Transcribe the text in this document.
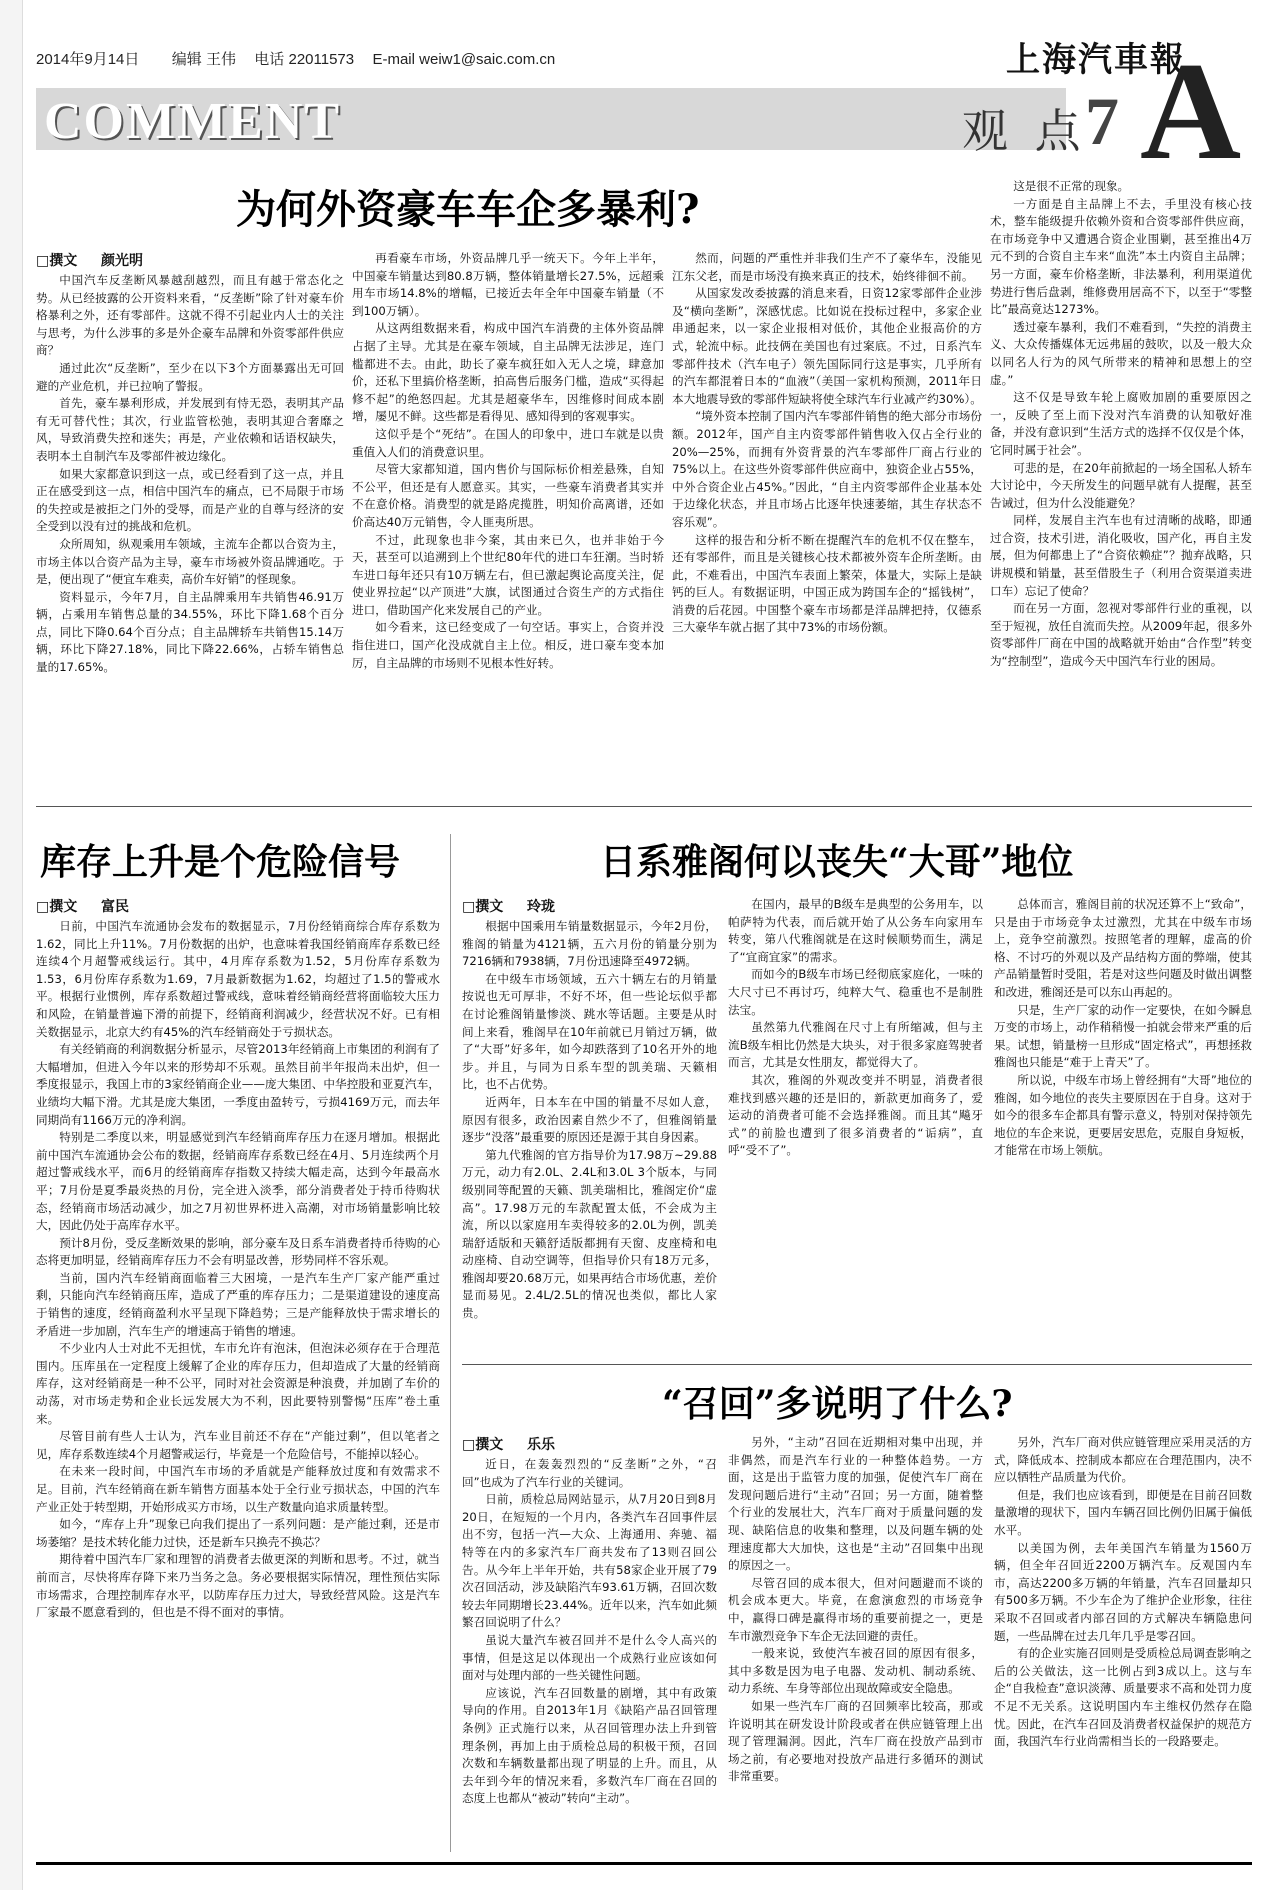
2014年9月14日 编辑 王伟 电话 22011573 E-mail weiw1@saic.com.cn	上海汽車報
COMMENT	观 点
7 A
为何外资豪车车企多暴利?
□撰文 颜光明

中国汽车反垄断风暴越刮越烈，而且有越于常态化之势。从已经披露的公开资料来看，“反垄断”除了针对豪车价格暴利之外，还有零部件。这就不得不引起业内人士的关注与思考，为什么涉事的多是外企豪车品牌和外资零部件供应商？

通过此次“反垄断”，至少在以下3个方面暴露出无可回避的产业危机，并已拉响了警报。

首先，豪车暴利形成，并发展到有恃无恐，表明其产品有无可替代性；其次，行业监管松弛，表明其迎合奢靡之风，导致消费失控和迷失；再是，产业依赖和话语权缺失，表明本土自制汽车及零部件被边缘化。

如果大家都意识到这一点，或已经看到了这一点，并且正在感受到这一点，相信中国汽车的痛点，已不局限于市场的失控或是被拒之门外的受辱，而是产业的自尊与经济的安全受到以没有过的挑战和危机。

众所周知，纵观乘用车领域，主流车企都以合资为主，市场主体以合资产品为主导，豪车市场被外资品牌通吃。于是，便出现了“便宜车难卖，高价车好销”的怪现象。

资料显示，今年7月，自主品牌乘用车共销售46.91万辆，占乘用车销售总量的34.55%，环比下降1.68个百分点，同比下降0.64个百分点；自主品牌轿车共销售15.14万辆，环比下降27.18%，同比下降22.66%，占轿车销售总量的17.65%。

再看豪车市场，外资品牌几乎一统天下。今年上半年，中国豪车销量达到80.8万辆，整体销量增长27.5%，远超乘用车市场14.8%的增幅，已接近去年全年中国豪车销量（不到100万辆）。

从这两组数据来看，构成中国汽车消费的主体外资品牌占据了主导。尤其是在豪车领域，自主品牌无法涉足，连门槛都进不去。由此，助长了豪车疯狂如入无人之境，肆意加价，还私下里搞价格垄断，拍高售后服务门槛，造成“买得起修不起”的绝怒四起。尤其是超豪华车，因维修时间成本剧增，屡见不鲜。这些都是看得见、感知得到的客观事实。

这似乎是个“死结”。在国人的印象中，进口车就是以贵重值入人们的消费意识里。

尽管大家都知道，国内售价与国际标价相差悬殊，自知不公平，但还是有人愿意买。其实，一些豪车消费者其实并不在意价格。消费型的就是路虎揽胜，明知价高离谱，还如价高达40万元销售，令人匪夷所思。

不过，此现象也非今案，其由来已久，也并非始于今天，甚至可以追溯到上个世纪80年代的进口车狂潮。当时轿车进口每年还只有10万辆左右，但已激起舆论高度关注，促使业界拉起“以产顶进”大旗，试图通过合资生产的方式指住进口，借助国产化来发展自己的产业。

如今看来，这已经变成了一句空话。事实上，合资并没指住进口，国产化没成就自主上位。相反，进口豪车变本加厉，自主品牌的市场则不见根本性好转。

然而，问题的严重性并非我们生产不了豪华车，没能见江东父老，而是市场没有换来真正的技术，始终徘徊不前。

从国家发改委披露的消息来看，日资12家零部件企业涉及“横向垄断”，深感忧虑。比如说在投标过程中，多家企业串通起来，以一家企业报相对低价，其他企业报高价的方式，轮流中标。此技俩在美国也有过案底。不过，日系汽车零部件技术（汽车电子）领先国际同行这是事实，几乎所有的汽车都混着日本的“血液”（美国一家机构预测，2011年日本大地震导致的零部件短缺将使全球汽车行业减产约30%）。

“境外资本控制了国内汽车零部件销售的绝大部分市场份额。2012年，国产自主内资零部件销售收入仅占全行业的20%—25%，而拥有外资背景的汽车零部件厂商占行业的75%以上。在这些外资零部件供应商中，独资企业占55%，中外合资企业占45%。”因此，“自主内资零部件企业基本处于边缘化状态，并且市场占比逐年快速萎缩，其生存状态不容乐观”。

这样的报告和分析不断在提醒汽车的危机不仅在整车，还有零部件，而且是关键核心技术都被外资车企所垄断。由此，不难看出，中国汽车表面上繁荣，体量大，实际上是缺钙的巨人。有数据证明，中国正成为跨国车企的“摇钱树”，消费的后花园。中国整个豪车市场都是洋品牌把持，仅德系三大豪华车就占据了其中73%的市场份额。

这是很不正常的现象。

一方面是自主品牌上不去，手里没有核心技术，整车能级提升依赖外资和合资零部件供应商，在市场竞争中又遭遇合资企业围剿，甚至推出4万元不到的合资自主车来“血洗”本土内资自主品牌；另一方面，豪车价格垄断，非法暴利，利用渠道优势进行售后盘剥，维修费用居高不下，以至于“零整比”最高竟达1273%。

透过豪车暴利，我们不难看到，“失控的消费主义、大众传播媒体无远弗届的鼓吹，以及一般大众以同名人行为的风气所带来的精神和思想上的空虚。”

这不仅是导致车轮上腐败加剧的重要原因之一，反映了至上而下没对汽车消费的认知敬好准备，并没有意识到“生活方式的选择不仅仅是个体，它同时属于社会”。

可悲的是，在20年前掀起的一场全国私人轿车大讨论中，今天所发生的问题早就有人提醒，甚至告诫过，但为什么没能避免？

同样，发展自主汽车也有过清晰的战略，即通过合资，技术引进，消化吸收，国产化，再自主发展，但为何都患上了“合资依赖症”？抛弃战略，只讲规模和销量，甚至借股生子（利用合资渠道卖进口车）忘记了使命？

而在另一方面，忽视对零部件行业的重视，以至于短视，放任自流而失控。从2009年起，很多外资零部件厂商在中国的战略就开始由“合作型”转变为“控制型”，造成今天中国汽车行业的困局。

库存上升是个危险信号
□撰文 富民

日前，中国汽车流通协会发布的数据显示，7月份经销商综合库存系数为1.62，同比上升11%。7月份数据的出炉，也意味着我国经销商库存系数已经连续4个月超警戒线运行。其中，4月库存系数为1.52，5月份库存系数为1.53，6月份库存系数为1.69，7月最新数据为1.62，均超过了1.5的警戒水平。根据行业惯例，库存系数超过警戒线，意味着经销商经营将面临较大压力和风险，在销量普遍下滑的前提下，经销商利润减少，经营状况不好。已有相关数据显示，北京大约有45%的汽车经销商处于亏损状态。

有关经销商的利润数据分析显示，尽管2013年经销商上市集团的利润有了大幅增加，但进入今年以来的形势却不乐观。虽然目前半年报尚未出炉，但一季度报显示，我国上市的3家经销商企业——庞大集团、中华控股和亚夏汽车，业绩均大幅下滑。尤其是庞大集团，一季度由盈转亏，亏损4169万元，而去年同期尚有1166万元的净利润。

特别是二季度以来，明显感觉到汽车经销商库存压力在逐月增加。根据此前中国汽车流通协会公布的数据，经销商库存系数已经在4月、5月连续两个月超过警戒线水平，而6月的经销商库存指数又持续大幅走高，达到今年最高水平；7月份是夏季最炎热的月份，完全进入淡季，部分消费者处于持币待购状态，经销商市场活动减少，加之7月初世界杯进入高潮，对市场销量影响比较大，因此仍处于高库存水平。

预计8月份，受反垄断效果的影响，部分豪车及日系车消费者持币待购的心态将更加明显，经销商库存压力不会有明显改善，形势同样不容乐观。

当前，国内汽车经销商面临着三大困境，一是汽车生产厂家产能严重过剩，只能向汽车经销商压库，造成了严重的库存压力；二是渠道建设的速度高于销售的速度，经销商盈利水平呈现下降趋势；三是产能释放快于需求增长的矛盾进一步加剧，汽车生产的增速高于销售的增速。

不少业内人士对此不无担忧，车市允许有泡沫，但泡沫必须存在于合理范围内。压库虽在一定程度上缓解了企业的库存压力，但却造成了大量的经销商库存，这对经销商是一种不公平，同时对社会资源是种浪费，并加剧了车价的动荡，对市场走势和企业长远发展大为不利，因此要特别警惕“压库”卷土重来。

尽管目前有些人士认为，汽车业目前还不存在“产能过剩”，但以笔者之见，库存系数连续4个月超警戒运行，毕竟是一个危险信号，不能掉以轻心。

在未来一段时间，中国汽车市场的矛盾就是产能释放过度和有效需求不足。目前，汽车经销商在新车销售方面基本处于全行业亏损状态，中国的汽车产业正处于转型期，开始形成买方市场，以生产数量向追求质量转型。

如今，“库存上升”现象已向我们提出了一系列问题：是产能过剩，还是市场萎缩？是技术转化能力过快，还是新车只换壳不换芯？

期待着中国汽车厂家和理智的消费者去做更深的判断和思考。不过，就当前而言，尽快将库存降下来乃当务之急。务必要根据实际情况，理性预估实际市场需求，合理控制库存水平，以防库存压力过大，导致经营风险。这是汽车厂家最不愿意看到的，但也是不得不面对的事情。

日系雅阁何以丧失“大哥”地位
□撰文 玲珑

根据中国乘用车销量数据显示，今年2月份，雅阁的销量为4121辆，五六月份的销量分别为7216辆和7938辆，7月份迅速降至4972辆。

在中级车市场领域，五六十辆左右的月销量按说也无可厚非，不好不坏，但一些论坛似乎都在讨论雅阁销量惨淡、跳水等话题。主要是从时间上来看，雅阁早在10年前就已月销过万辆，做了“大哥”好多年，如今却跌落到了10名开外的地步。并且，与同为日系车型的凯美瑞、天籁相比，也不占优势。

近两年，日本车在中国的销量不尽如人意，原因有很多，政治因素自然少不了，但雅阁销量逐步“没落”最重要的原因还是源于其自身因素。

第九代雅阁的官方指导价为17.98万~29.88万元，动力有2.0L、2.4L和3.0L 3个版本，与同级别同等配置的天籁、凯美瑞相比，雅阁定价“虚高”。17.98万元的车款配置太低，不会成为主流，所以以家庭用车卖得较多的2.0L为例，凯美瑞舒适版和天籁舒适版都拥有天窗、皮座椅和电动座椅、自动空调等，但指导价只有18万元多，雅阁却要20.68万元，如果再结合市场优惠，差价显而易见。2.4L/2.5L的情况也类似，都比人家贵。

在国内，最早的B级车是典型的公务用车，以帕萨特为代表，而后就开始了从公务车向家用车转变，第八代雅阁就是在这时候顺势而生，满足了“宜商宜家”的需求。

而如今的B级车市场已经彻底家庭化，一味的大尺寸已不再讨巧，纯粹大气、稳重也不是制胜法宝。

虽然第九代雅阁在尺寸上有所缩减，但与主流B级车相比仍然是大块头，对于很多家庭驾驶者而言，尤其是女性朋友，都觉得大了。

其次，雅阁的外观改变并不明显，消费者很难找到感兴趣的还是旧的，新款更加商务了，爱运动的消费者可能不会选择雅阁。而且其“飚牙式”的前脸也遭到了很多消费者的“诟病”，直呼“受不了”。

总体而言，雅阁目前的状况还算不上“致命”，只是由于市场竞争太过激烈，尤其在中级车市场上，竞争空前激烈。按照笔者的理解，虚高的价格、不讨巧的外观以及产品结构方面的弊端，使其产品销量暂时受阻，若是对这些问题及时做出调整和改进，雅阁还是可以东山再起的。

只是，生产厂家的动作一定要快，在如今瞬息万变的市场上，动作稍稍慢一拍就会带来严重的后果。试想，销量榜一旦形成“固定格式”，再想拯救雅阁也只能是“难于上青天”了。

所以说，中级车市场上曾经拥有“大哥”地位的雅阁，如今地位的丧失主要原因在于自身。这对于如今的很多车企都具有警示意义，特别对保持领先地位的车企来说，更要居安思危，克服自身短板，才能常在市场上领航。

“召回”多说明了什么?
□撰文 乐乐

近日，在轰轰烈烈的“反垄断”之外，“召回”也成为了汽车行业的关键词。

日前，质检总局网站显示，从7月20日到8月20日，在短短的一个月内，各类汽车召回事件层出不穷，包括一汽—大众、上海通用、奔驰、福特等在内的多家汽车厂商共发布了13则召回公告。从今年上半年开始，共有58家企业开展了79次召回活动，涉及缺陷汽车93.61万辆，召回次数较去年同期增长23.44%。近年以来，汽车如此频繁召回说明了什么？

虽说大量汽车被召回并不是什么令人高兴的事情，但是这足以体现出一个成熟行业应该如何面对与处理内部的一些关键性问题。

应该说，汽车召回数量的剧增，其中有政策导向的作用。自2013年1月《缺陷产品召回管理条例》正式施行以来，从召回管理办法上升到管理条例，再加上由于质检总局的积极干预，召回次数和车辆数量都出现了明显的上升。而且，从去年到今年的情况来看，多数汽车厂商在召回的态度上也都从“被动”转向“主动”。

另外，“主动”召回在近期相对集中出现，并非偶然，而是汽车行业的一种整体趋势。一方面，这是出于监管力度的加强，促使汽车厂商在发现问题后进行“主动”召回；另一方面，随着整个行业的发展壮大，汽车厂商对于质量问题的发现、缺陷信息的收集和整理，以及问题车辆的处理速度都大大加快，这也是“主动”召回集中出现的原因之一。

尽管召回的成本很大，但对问题避而不谈的机会成本更大。毕竟，在愈演愈烈的市场竞争中，赢得口碑是赢得市场的重要前提之一，更是车市激烈竞争下车企无法回避的责任。

一般来说，致使汽车被召回的原因有很多，其中多数是因为电子电器、发动机、制动系统、动力系统、车身等部位出现故障或安全隐患。

如果一些汽车厂商的召回频率比较高，那或许说明其在研发设计阶段或者在供应链管理上出现了管理漏洞。因此，汽车厂商在投放产品到市场之前，有必要地对投放产品进行多循环的测试非常重要。

另外，汽车厂商对供应链管理应采用灵活的方式，降低成本、控制成本都应在合理范围内，决不应以牺牲产品质量为代价。

但是，我们也应该看到，即便是在目前召回数量激增的现状下，国内车辆召回比例仍旧属于偏低水平。

以美国为例，去年美国汽车销量为1560万辆，但全年召回近2200万辆汽车。反观国内车市，高达2200多万辆的年销量，汽车召回量却只有500多万辆。不少车企为了维护企业形象，往往采取不召回或者内部召回的方式解决车辆隐患问题，一些品牌在过去几年几乎是零召回。

有的企业实施召回则是受质检总局调查影响之后的公关做法，这一比例占到3成以上。这与车企“自我检查”意识淡薄、质量要求不高和处罚力度不足不无关系。这说明国内车主维权仍然存在隐忧。因此，在汽车召回及消费者权益保护的规范方面，我国汽车行业尚需相当长的一段路要走。
